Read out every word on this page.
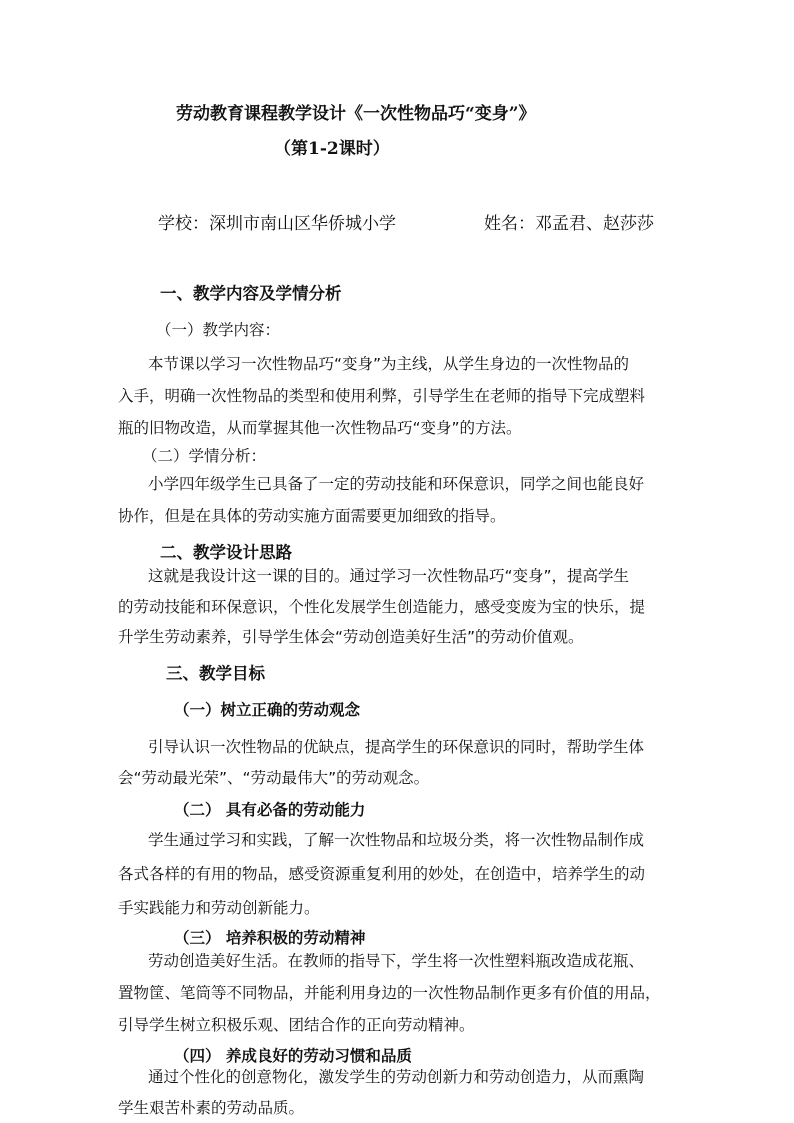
劳动教育课程教学设计《一次性物品巧“变身”》
（第1-2课时）
学校：深圳市南山区华侨城小学	姓名：邓孟君、赵莎莎
一、教学内容及学情分析
（一）教学内容：
本节课以学习一次性物品巧“变身”为主线，从学生身边的一次性物品的
入手，明确一次性物品的类型和使用利弊，引导学生在老师的指导下完成塑料
瓶的旧物改造，从而掌握其他一次性物品巧“变身”的方法。
（二）学情分析：
小学四年级学生已具备了一定的劳动技能和环保意识，同学之间也能良好
协作，但是在具体的劳动实施方面需要更加细致的指导。
二、教学设计思路
这就是我设计这一课的目的。通过学习一次性物品巧“变身”，提高学生
的劳动技能和环保意识，个性化发展学生创造能力，感受变废为宝的快乐，提
升学生劳动素养，引导学生体会“劳动创造美好生活”的劳动价值观。
三、教学目标
（一）树立正确的劳动观念
引导认识一次性物品的优缺点，提高学生的环保意识的同时，帮助学生体
会“劳动最光荣”、“劳动最伟大”的劳动观念。
（二） 具有必备的劳动能力
学生通过学习和实践，了解一次性物品和垃圾分类，将一次性物品制作成
各式各样的有用的物品，感受资源重复利用的妙处，在创造中，培养学生的动
手实践能力和劳动创新能力。
（三） 培养积极的劳动精神
劳动创造美好生活。在教师的指导下，学生将一次性塑料瓶改造成花瓶、
置物筐、笔筒等不同物品，并能利用身边的一次性物品制作更多有价值的用品，
引导学生树立积极乐观、团结合作的正向劳动精神。
（四） 养成良好的劳动习惯和品质
通过个性化的创意物化，激发学生的劳动创新力和劳动创造力，从而熏陶
学生艰苦朴素的劳动品质。
